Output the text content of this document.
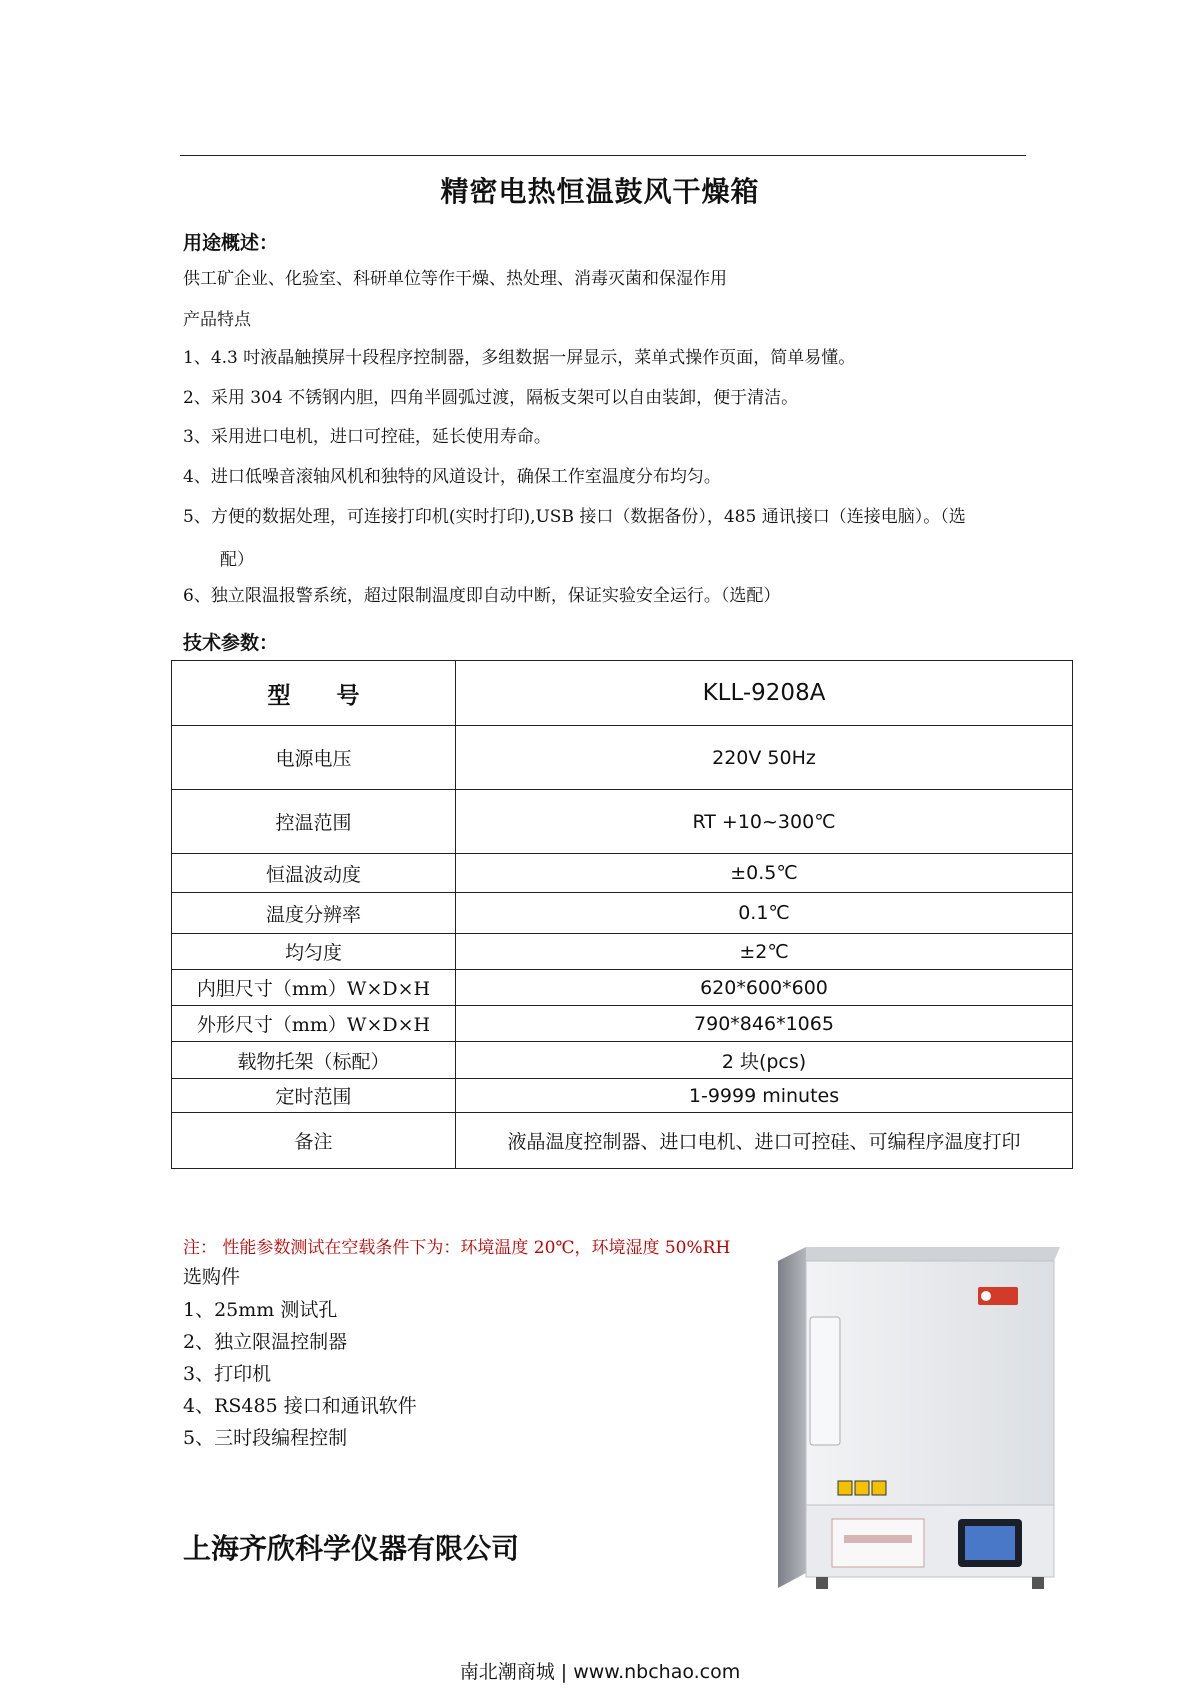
精密电热恒温鼓风干燥箱
用途概述：
供工矿企业、化验室、科研单位等作干燥、热处理、消毒灭菌和保湿作用
产品特点
1、4.3 吋液晶触摸屏十段程序控制器，多组数据一屏显示，菜单式操作页面，简单易懂。
2、采用 304 不锈钢内胆，四角半圆弧过渡，隔板支架可以自由装卸，便于清洁。
3、采用进口电机，进口可控硅，延长使用寿命。
4、进口低噪音滚轴风机和独特的风道设计，确保工作室温度分布均匀。
5、方便的数据处理，可连接打印机(实时打印),USB 接口（数据备份），485 通讯接口（连接电脑）。（选
配）
6、独立限温报警系统，超过限制温度即自动中断，保证实验安全运行。（选配）
技术参数：
型　　号	KLL-9208A
电源电压	220V 50Hz
控温范围	RT +10~300℃
恒温波动度	±0.5℃
温度分辨率	0.1℃
均匀度	±2℃
内胆尺寸（mm）W×D×H	620*600*600
外形尺寸（mm）W×D×H	790*846*1065
载物托架（标配）	2 块(pcs)
定时范围	1-9999 minutes
备注	液晶温度控制器、进口电机、进口可控硅、可编程序温度打印
注： 性能参数测试在空载条件下为：环境温度 20℃，环境湿度 50%RH
选购件
1、25mm 测试孔
2、独立限温控制器
3、打印机
4、RS485 接口和通讯软件
5、三时段编程控制
上海齐欣科学仪器有限公司
南北潮商城 | www.nbchao.com
